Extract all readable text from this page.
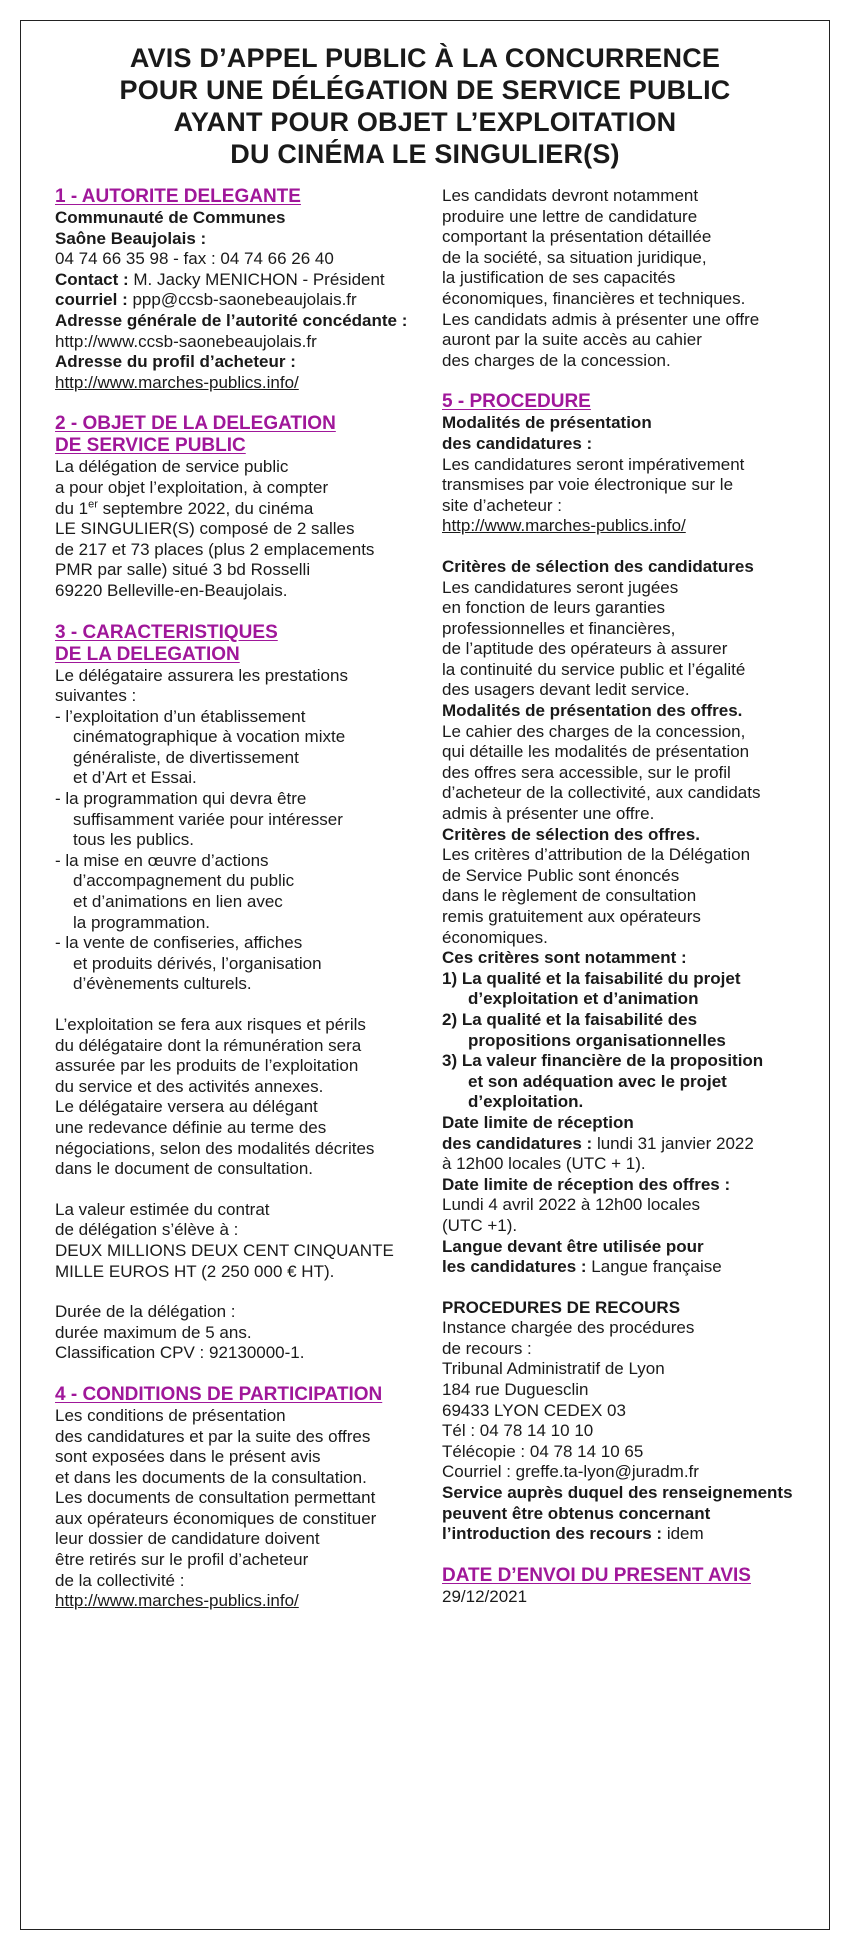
AVIS D’APPEL PUBLIC À LA CONCURRENCE
POUR UNE DÉLÉGATION DE SERVICE PUBLIC
AYANT POUR OBJET L’EXPLOITATION
DU CINÉMA LE SINGULIER(S)
1 - AUTORITE DELEGANTE
Communauté de Communes
Saône Beaujolais :
04 74 66 35 98 - fax : 04 74 66 26 40
Contact : M. Jacky MENICHON - Président
courriel : ppp@ccsb-saonebeaujolais.fr
Adresse générale de l’autorité concédante :
http://www.ccsb-saonebeaujolais.fr
Adresse du profil d’acheteur :
http://www.marches-publics.info/
2 - OBJET DE LA DELEGATION
DE SERVICE PUBLIC
La délégation de service public
a pour objet l’exploitation, à compter
du 1er septembre 2022, du cinéma
LE SINGULIER(S) composé de 2 salles
de 217 et 73 places (plus 2 emplacements
PMR par salle) situé 3 bd Rosselli
69220 Belleville-en-Beaujolais.
3 - CARACTERISTIQUES
DE LA DELEGATION
Le délégataire assurera les prestations
suivantes :
- l’exploitation d’un établissement
cinématographique à vocation mixte
généraliste, de divertissement
et d’Art et Essai.
- la programmation qui devra être
suffisamment variée pour intéresser
tous les publics.
- la mise en œuvre d’actions
d’accompagnement du public
et d’animations en lien avec
la programmation.
- la vente de confiseries, affiches
et produits dérivés, l’organisation
d’évènements culturels.
L’exploitation se fera aux risques et périls
du délégataire dont la rémunération sera
assurée par les produits de l’exploitation
du service et des activités annexes.
Le délégataire versera au délégant
une redevance définie au terme des
négociations, selon des modalités décrites
dans le document de consultation.
La valeur estimée du contrat
de délégation s’élève à :
DEUX MILLIONS DEUX CENT CINQUANTE
MILLE EUROS HT (2 250 000 € HT).
Durée de la délégation :
durée maximum de 5 ans.
Classification CPV : 92130000-1.
4 - CONDITIONS DE PARTICIPATION
Les conditions de présentation
des candidatures et par la suite des offres
sont exposées dans le présent avis
et dans les documents de la consultation.
Les documents de consultation permettant
aux opérateurs économiques de constituer
leur dossier de candidature doivent
être retirés sur le profil d’acheteur
de la collectivité :
http://www.marches-publics.info/
Les candidats devront notamment
produire une lettre de candidature
comportant la présentation détaillée
de la société, sa situation juridique,
la justification de ses capacités
économiques, financières et techniques.
Les candidats admis à présenter une offre
auront par la suite accès au cahier
des charges de la concession.
5 - PROCEDURE
Modalités de présentation
des candidatures :
Les candidatures seront impérativement
transmises par voie électronique sur le
site d’acheteur :
http://www.marches-publics.info/
Critères de sélection des candidatures
Les candidatures seront jugées
en fonction de leurs garanties
professionnelles et financières,
de l’aptitude des opérateurs à assurer
la continuité du service public et l’égalité
des usagers devant ledit service.
Modalités de présentation des offres.
Le cahier des charges de la concession,
qui détaille les modalités de présentation
des offres sera accessible, sur le profil
d’acheteur de la collectivité, aux candidats
admis à présenter une offre.
Critères de sélection des offres.
Les critères d’attribution de la Délégation
de Service Public sont énoncés
dans le règlement de consultation
remis gratuitement aux opérateurs
économiques.
Ces critères sont notamment :
1) La qualité et la faisabilité du projet
d’exploitation et d’animation
2) La qualité et la faisabilité des
propositions organisationnelles
3) La valeur financière de la proposition
et son adéquation avec le projet
d’exploitation.
Date limite de réception
des candidatures : lundi 31 janvier 2022
à 12h00 locales (UTC + 1).
Date limite de réception des offres :
Lundi 4 avril 2022 à 12h00 locales
(UTC +1).
Langue devant être utilisée pour
les candidatures : Langue française
PROCEDURES DE RECOURS
Instance chargée des procédures
de recours :
Tribunal Administratif de Lyon
184 rue Duguesclin
69433 LYON CEDEX 03
Tél : 04 78 14 10 10
Télécopie : 04 78 14 10 65
Courriel : greffe.ta-lyon@juradm.fr
Service auprès duquel des renseignements
peuvent être obtenus concernant
l’introduction des recours : idem
DATE D’ENVOI DU PRESENT AVIS
29/12/2021
